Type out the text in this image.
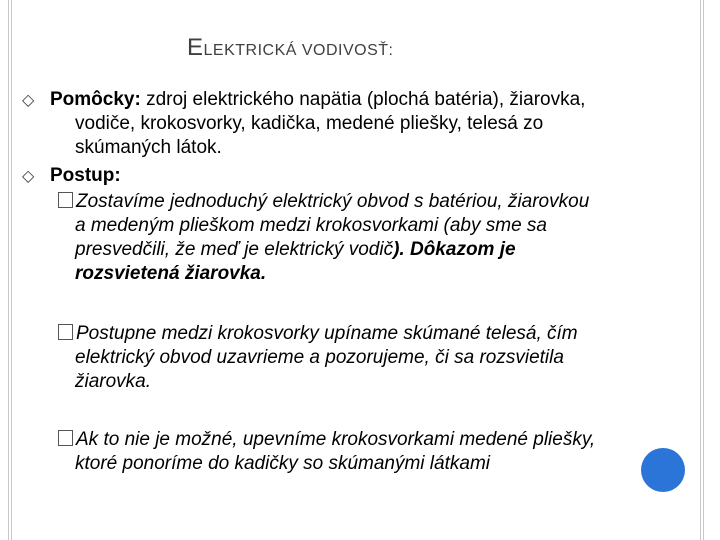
ELEKTRICKÁ VODIVOSŤ:
◇ Pomôcky: zdroj elektrického napätia (plochá batéria), žiarovka,
vodiče, krokosvorky, kadička, medené pliešky, telesá zo
skúmaných látok.
◇ Postup:
Zostavíme jednoduchý elektrický obvod s batériou, žiarovkou
a medeným plieškom medzi krokosvorkami (aby sme sa
presvedčili, že meď je elektrický vodič). Dôkazom je
rozsvietená žiarovka.
Postupne medzi krokosvorky upíname skúmané telesá, čím
elektrický obvod uzavrieme a pozorujeme, či sa rozsvietila
žiarovka.
Ak to nie je možné, upevníme krokosvorkami medené pliešky,
ktoré ponoríme do kadičky so skúmanými látkami
